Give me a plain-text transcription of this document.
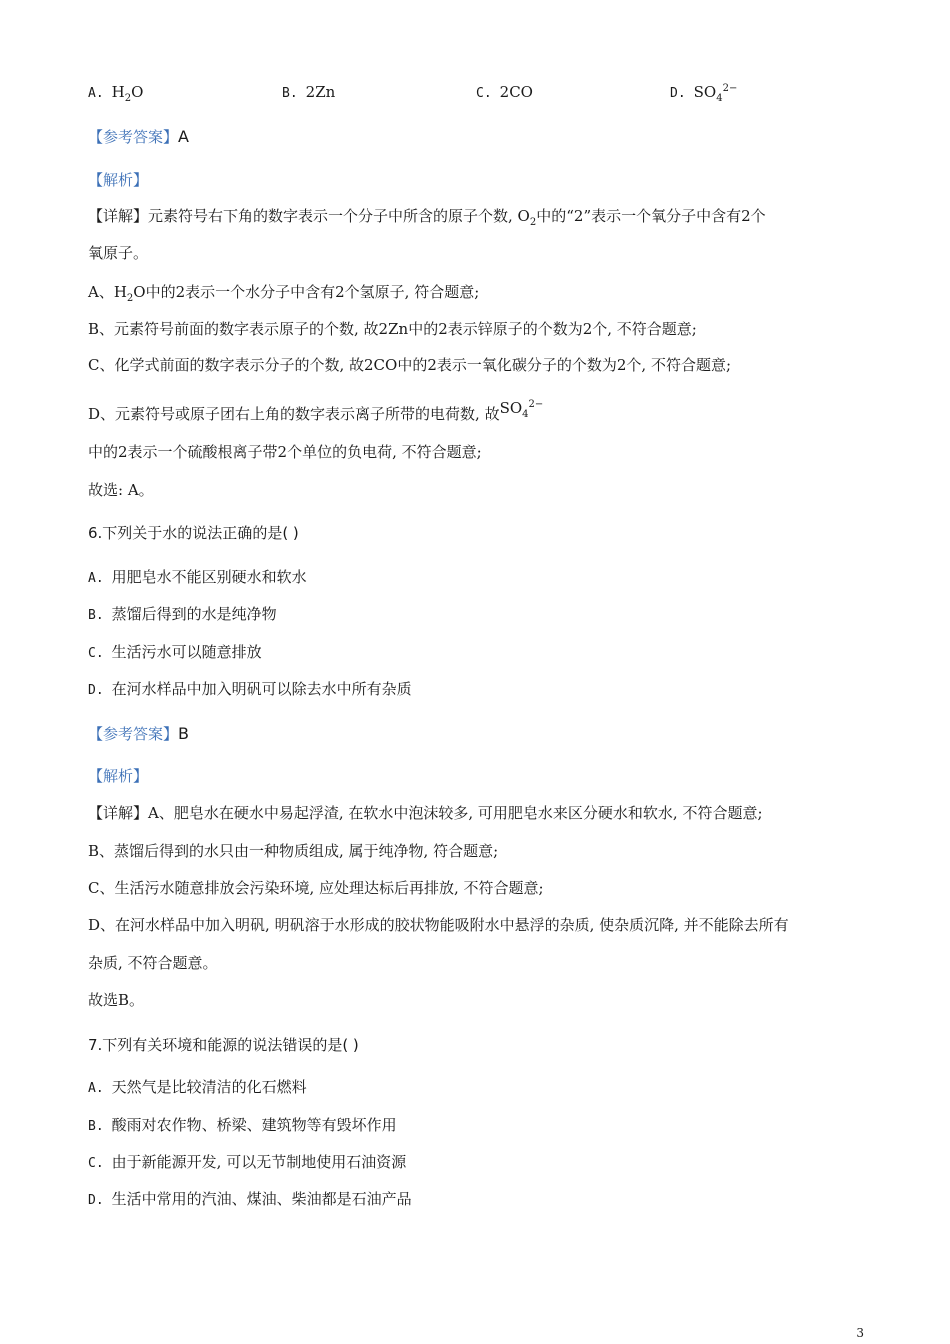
A. $H_2O$	B. 2Zn	C. 2CO	D. $SO_4^{2-}$
【参考答案】A
【解析】
【详解】元素符号右下角的数字表示一个分子中所含的原子个数, $O_2$中的“2”表示一个氧分子中含有2个
氧原子。
A、$H_2O$中的2表示一个水分子中含有2个氢原子, 符合题意;
B、元素符号前面的数字表示原子的个数, 故2Zn中的2表示锌原子的个数为2个, 不符合题意;
C、化学式前面的数字表示分子的个数, 故2CO中的2表示一氧化碳分子的个数为2个, 不符合题意;
D、元素符号或原子团右上角的数字表示离子所带的电荷数, 故$SO_4^{2-}$
中的2表示一个硫酸根离子带2个单位的负电荷, 不符合题意;
故选: A。
6.下列关于水的说法正确的是( )
A. 用肥皂水不能区别硬水和软水
B. 蒸馏后得到的水是纯净物
C. 生活污水可以随意排放
D. 在河水样品中加入明矾可以除去水中所有杂质
【参考答案】B
【解析】
【详解】A、肥皂水在硬水中易起浮渣, 在软水中泡沫较多, 可用肥皂水来区分硬水和软水, 不符合题意;
B、蒸馏后得到的水只由一种物质组成, 属于纯净物, 符合题意;
C、生活污水随意排放会污染环境, 应处理达标后再排放, 不符合题意;
D、在河水样品中加入明矾, 明矾溶于水形成的胶状物能吸附水中悬浮的杂质, 使杂质沉降, 并不能除去所有
杂质, 不符合题意。
故选B。
7.下列有关环境和能源的说法错误的是( )
A. 天然气是比较清洁的化石燃料
B. 酸雨对农作物、桥梁、建筑物等有毁坏作用
C. 由于新能源开发, 可以无节制地使用石油资源
D. 生活中常用的汽油、煤油、柴油都是石油产品
3
